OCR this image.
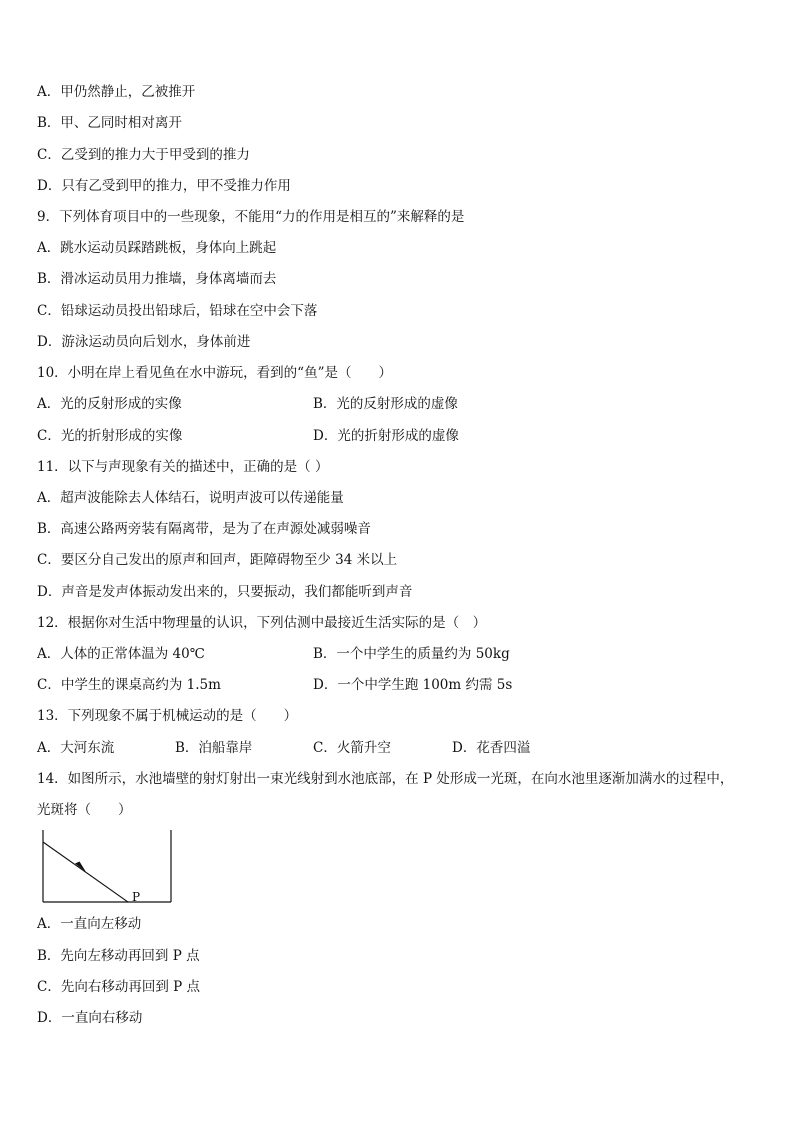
A．甲仍然静止，乙被推开
B．甲、乙同时相对离开
C．乙受到的推力大于甲受到的推力
D．只有乙受到甲的推力，甲不受推力作用
9．下列体育项目中的一些现象，不能用“力的作用是相互的”来解释的是
A．跳水运动员踩踏跳板，身体向上跳起
B．滑冰运动员用力推墙，身体离墙而去
C．铅球运动员投出铅球后，铅球在空中会下落
D．游泳运动员向后划水，身体前进
10．小明在岸上看见鱼在水中游玩，看到的“鱼”是（　　）
A．光的反射形成的实像	B．光的反射形成的虚像
C．光的折射形成的实像	D．光的折射形成的虚像
11．以下与声现象有关的描述中，正确的是（ ）
A．超声波能除去人体结石，说明声波可以传递能量
B．高速公路两旁装有隔离带，是为了在声源处减弱噪音
C．要区分自己发出的原声和回声，距障碍物至少 34 米以上
D．声音是发声体振动发出来的，只要振动，我们都能听到声音
12．根据你对生活中物理量的认识，下列估测中最接近生活实际的是（　）
A．人体的正常体温为 40℃	B．一个中学生的质量约为 50kg
C．中学生的课桌高约为 1.5m	D．一个中学生跑 100m 约需 5s
13．下列现象不属于机械运动的是（　　）
A．大河东流	B．泊船靠岸	C．火箭升空	D．花香四溢
14．如图所示，水池墙壁的射灯射出一束光线射到水池底部，在 P 处形成一光斑，在向水池里逐渐加满水的过程中，
光斑将（　　）
P
A．一直向左移动
B．先向左移动再回到 P 点
C．先向右移动再回到 P 点
D．一直向右移动
